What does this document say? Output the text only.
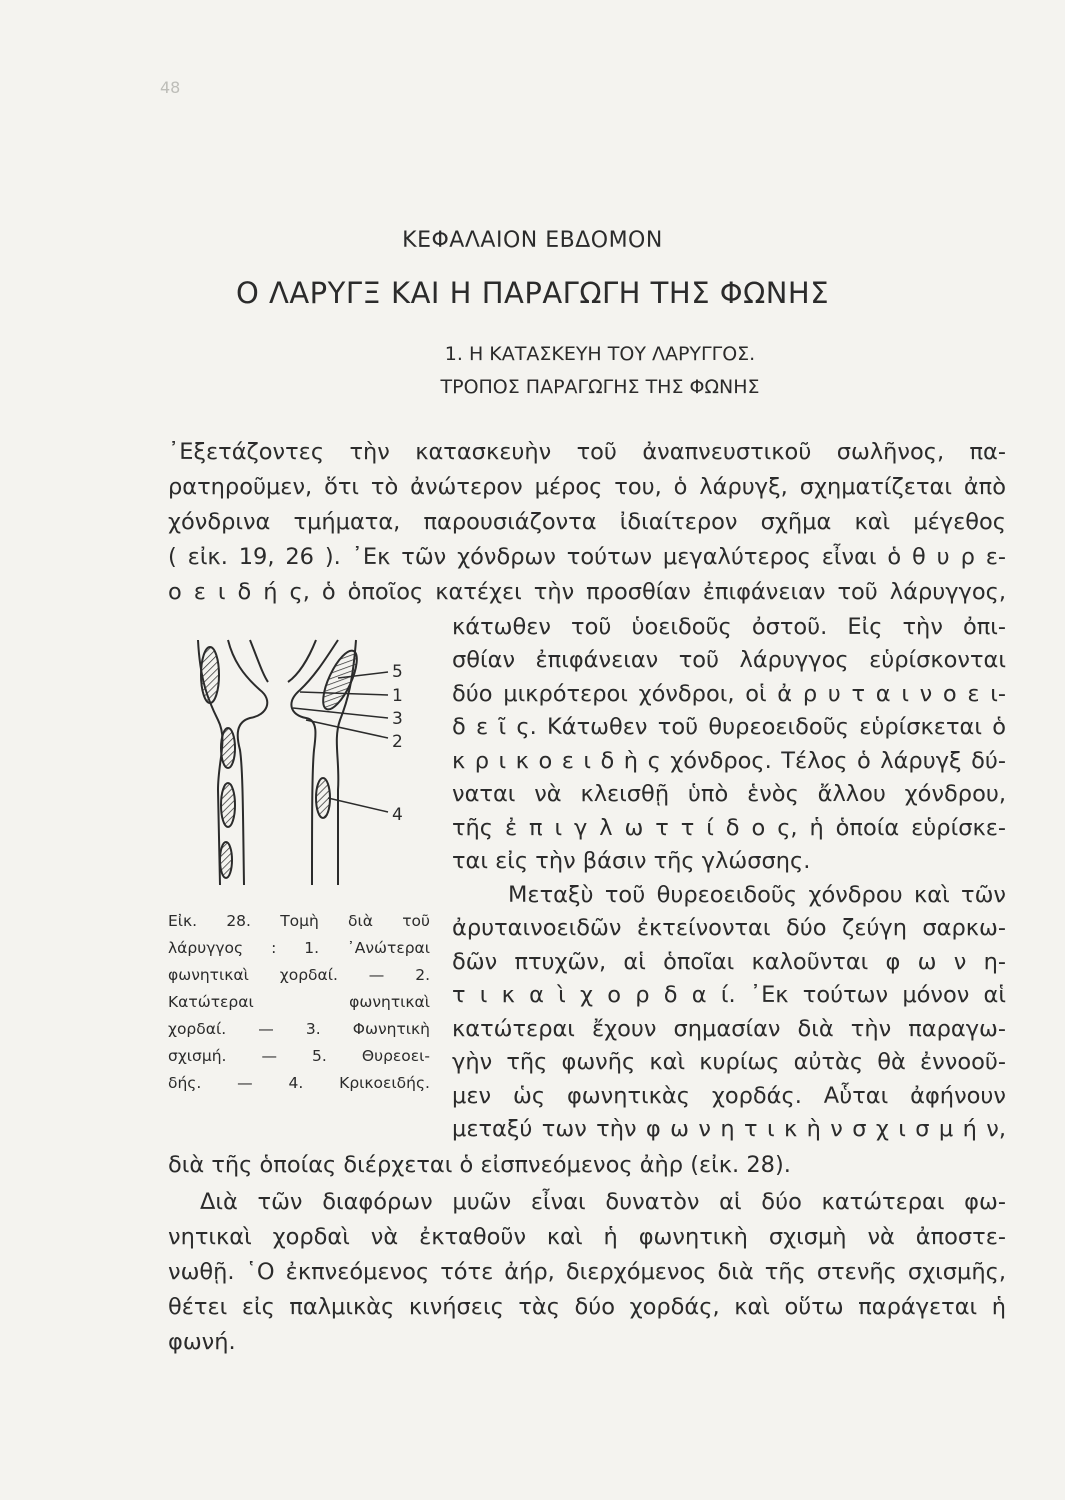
48
ΚΕΦΑΛΑΙΟΝ ΕΒΔΟΜΟΝ
Ο ΛΑΡΥΓΞ ΚΑΙ Η ΠΑΡΑΓΩΓΗ ΤΗΣ ΦΩΝΗΣ
1. Η ΚΑΤΑΣΚΕΥΗ ΤΟΥ ΛΑΡΥΓΓΟΣ.
ΤΡΟΠΟΣ ΠΑΡΑΓΩΓΗΣ ΤΗΣ ΦΩΝΗΣ
᾿Εξετάζοντες τὴν κατασκευὴν τοῦ ἀναπνευστικοῦ σωλῆνος, πα-
ρατηροῦμεν, ὅτι τὸ ἀνώτερον μέρος του, ὁ λάρυγξ, σχηματίζεται ἀπὸ
χόνδρινα τμήματα, παρουσιάζοντα ἰδιαίτερον σχῆμα καὶ μέγεθος
( εἰκ. 19, 26 ). ᾿Εκ τῶν χόνδρων τούτων μεγαλύτερος εἶναι ὁ θ υ ρ ε-
ο ε ι δ ή ς, ὁ ὁποῖος κατέχει τὴν προσθίαν ἐπιφάνειαν τοῦ λάρυγγος,
κάτωθεν τοῦ ὑοειδοῦς ὀστοῦ. Εἰς τὴν ὀπι-
σθίαν ἐπιφάνειαν τοῦ λάρυγγος εὑρίσκονται
δύο μικρότεροι χόνδροι, οἱ ἀ ρ υ τ α ι ν ο ε ι-
δ ε ῖ ς. Κάτωθεν τοῦ θυρεοειδοῦς εὑρίσκεται ὁ
κ ρ ι κ ο ε ι δ ὴ ς χόνδρος. Τέλος ὁ λάρυγξ δύ-
ναται νὰ κλεισθῇ ὑπὸ ἑνὸς ἄλλου χόνδρου,
τῆς ἐ π ι γ λ ω τ τ ί δ ο ς, ἡ ὁποία εὑρίσκε-
ται εἰς τὴν βάσιν τῆς γλώσσης.
Μεταξὺ τοῦ θυρεοειδοῦς χόνδρου καὶ τῶν
ἀρυταινοειδῶν ἐκτείνονται δύο ζεύγη σαρκω-
δῶν πτυχῶν, αἱ ὁποῖαι καλοῦνται φ ω ν η-
τ ι κ α ὶ χ ο ρ δ α ί. ᾿Εκ τούτων μόνον αἱ
κατώτεραι ἔχουν σημασίαν διὰ τὴν παραγω-
γὴν τῆς φωνῆς καὶ κυρίως αὐτὰς θὰ ἐννοοῦ-
μεν ὡς φωνητικὰς χορδάς. Αὗται ἀφήνουν
μεταξύ των τὴν φ ω ν η τ ι κ ὴ ν σ χ ι σ μ ή ν,
διὰ τῆς ὁποίας διέρχεται ὁ εἰσπνεόμενος ἀὴρ (εἰκ. 28).
Διὰ τῶν διαφόρων μυῶν εἶναι δυνατὸν αἱ δύο κατώτεραι φω-
νητικαὶ χορδαὶ νὰ ἐκταθοῦν καὶ ἡ φωνητικὴ σχισμὴ νὰ ἀποστε-
νωθῇ. ῾Ο ἐκπνεόμενος τότε ἀήρ, διερχόμενος διὰ τῆς στενῆς σχισμῆς,
θέτει εἰς παλμικὰς κινήσεις τὰς δύο χορδάς, καὶ οὕτω παράγεται ἡ
φωνή.
5
1
3
2
4
Εἰκ. 28. Τομὴ διὰ τοῦ
λάρυγγος : 1. ᾿Ανώτεραι
φωνητικαὶ χορδαί. — 2.
Κατώτεραι φωνητικαὶ
χορδαί. — 3. Φωνητικὴ
σχισμή. — 5. Θυρεοει-
δής. — 4. Κρικοειδής.
